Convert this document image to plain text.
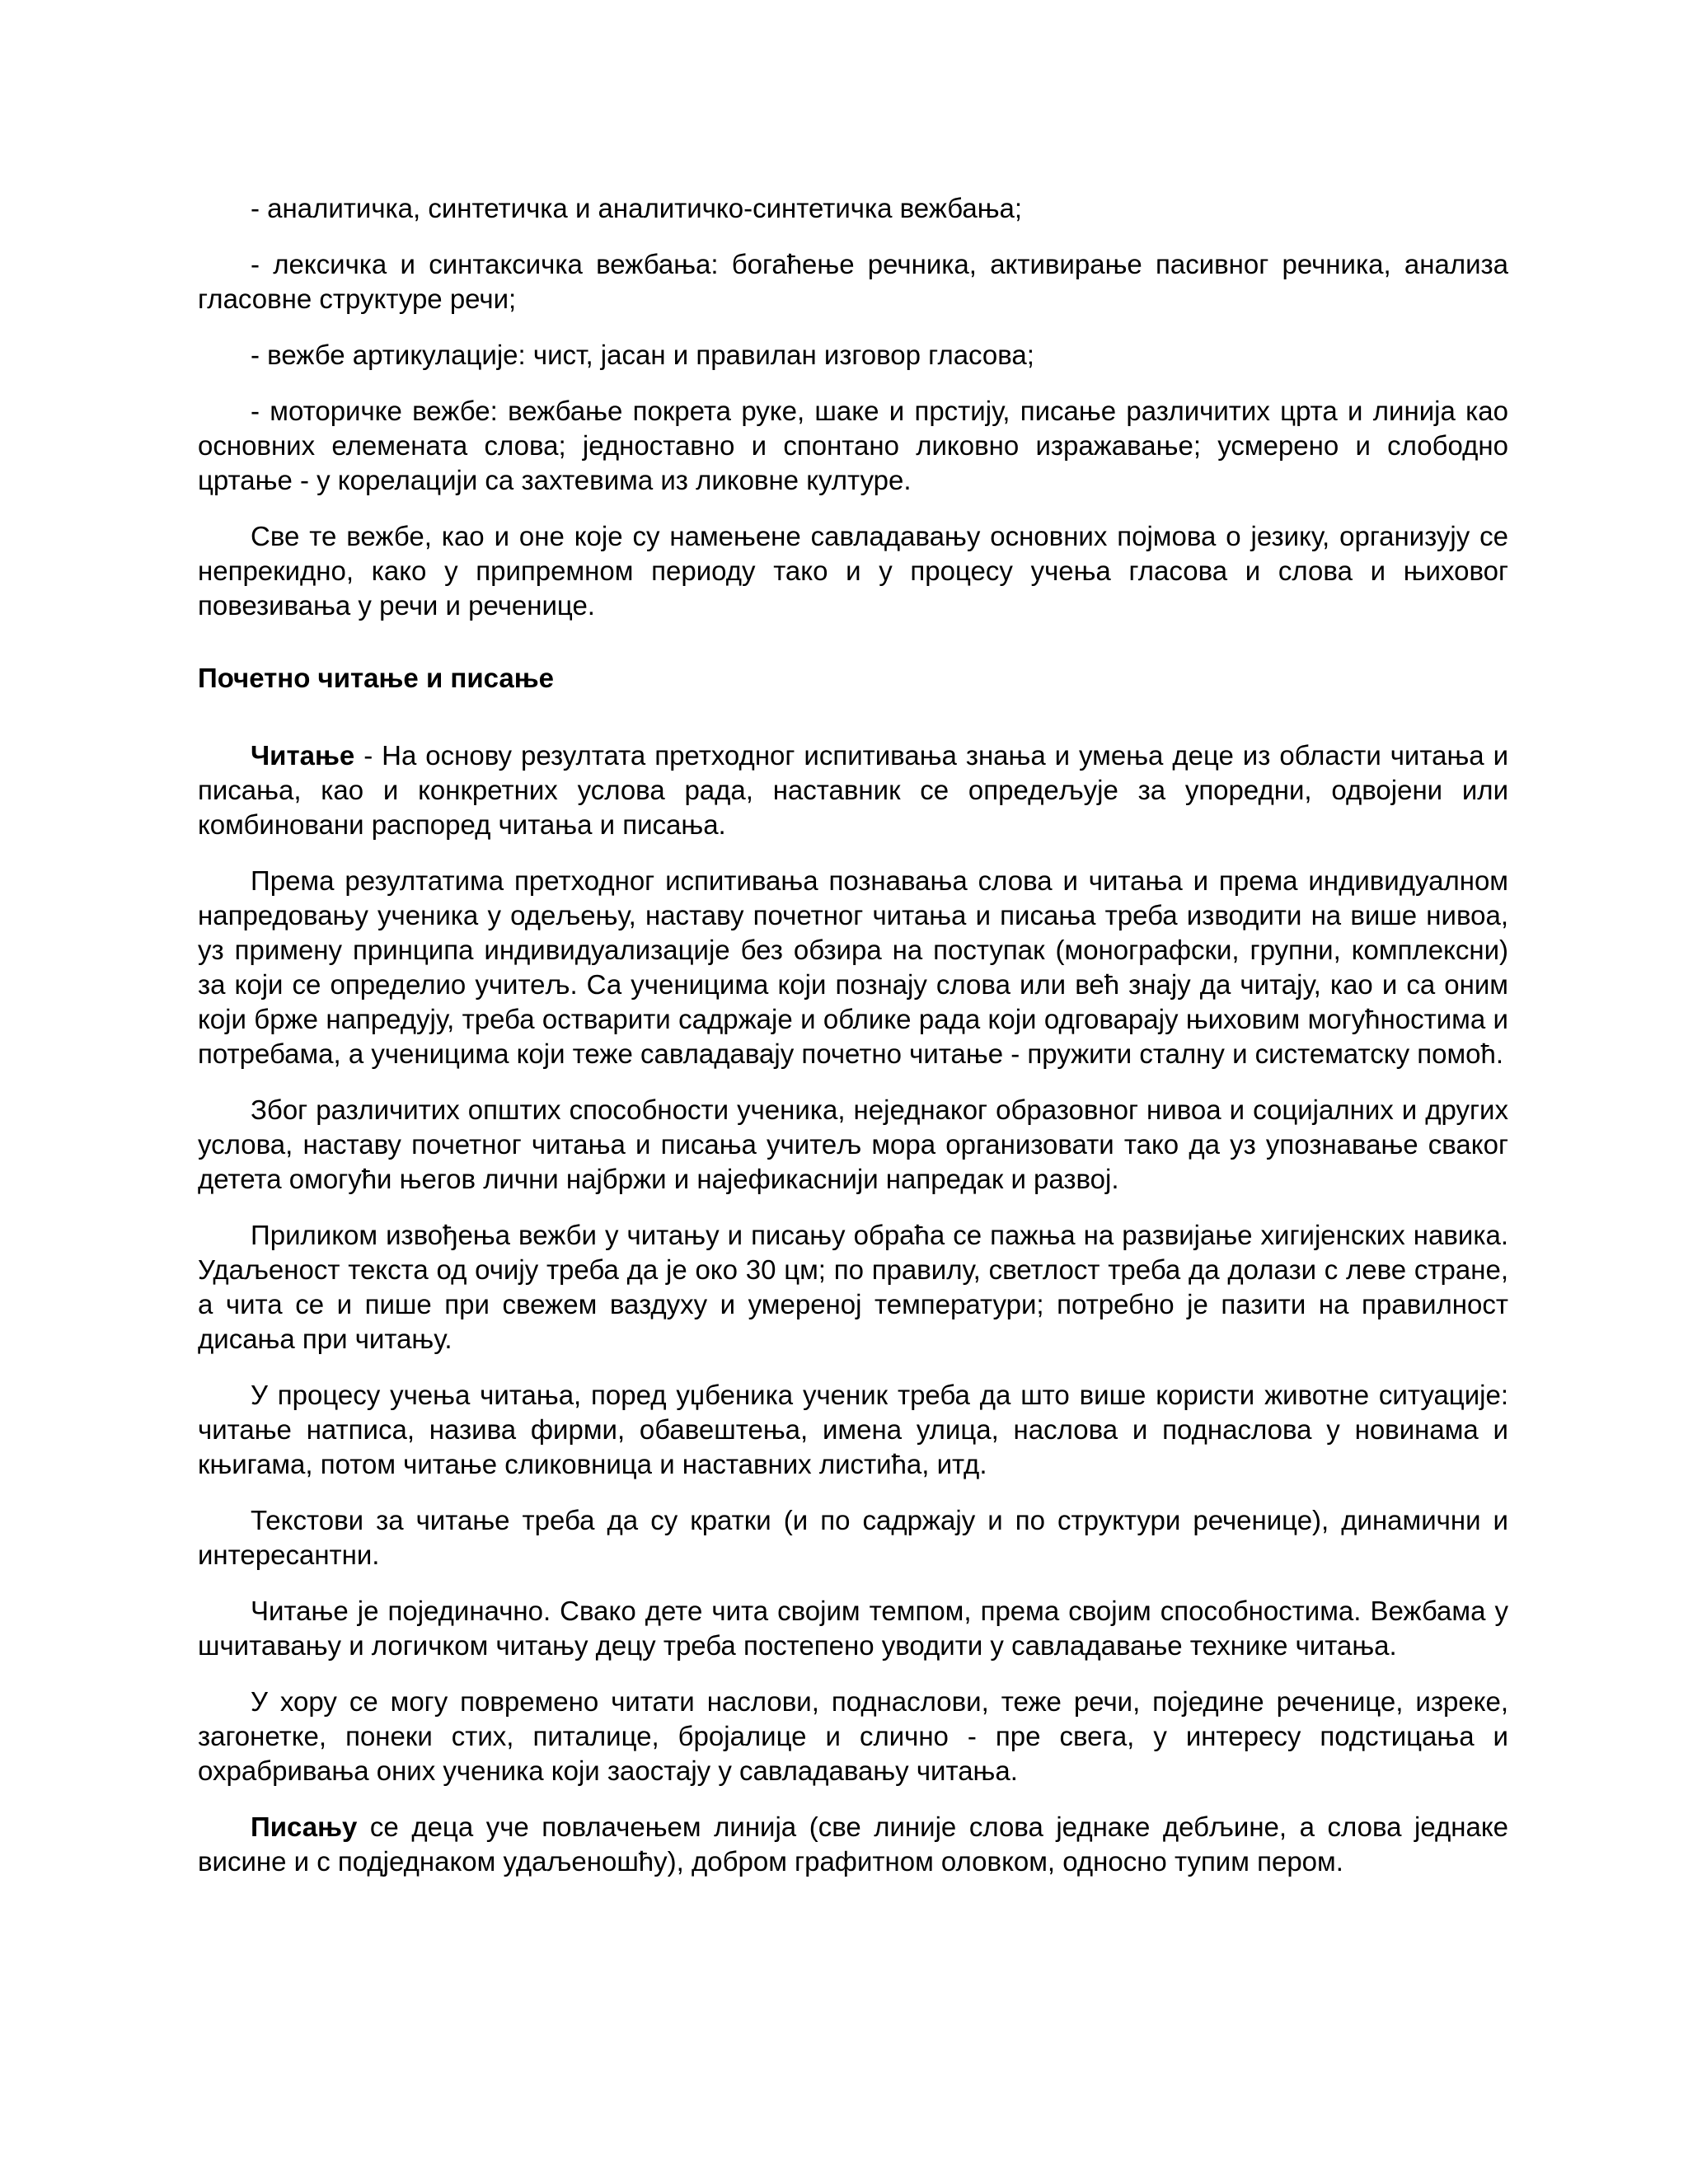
- аналитичка, синтетичка и аналитичко-синтетичка вежбања;

- лексичка и синтаксичка вежбања: богаћење речника, активирање пасивног речника, анализа гласовне структуре речи;

- вежбе артикулације: чист, јасан и правилан изговор гласова;

- моторичке вежбе: вежбање покрета руке, шаке и прстију, писање различитих црта и линија као основних елемената слова; једноставно и спонтано ликовно изражавање; усмерено и слободно цртање - у корелацији са захтевима из ликовне културе.

Све те вежбе, као и оне које су намењене савладавању основних појмова о језику, организују се непрекидно, како у припремном периоду тако и у процесу учења гласова и слова и њиховог повезивања у речи и реченице.

Почетно читање и писање

Читање - На основу резултата претходног испитивања знања и умења деце из области читања и писања, као и конкретних услова рада, наставник се опредељује за упоредни, одвојени или комбиновани распоред читања и писања.

Према резултатима претходног испитивања познавања слова и читања и према индивидуалном напредовању ученика у одељењу, наставу почетног читања и писања треба изводити на више нивоа, уз примену принципа индивидуализације без обзира на поступак (монографски, групни, комплексни) за који се определио учитељ. Са ученицима који познају слова или већ знају да читају, као и са оним који брже напредују, треба остварити садржаје и облике рада који одговарају њиховим могућностима и потребама, а ученицима који теже савладавају почетно читање - пружити сталну и систематску помоћ.

Због различитих општих способности ученика, неједнаког образовног нивоа и социјалних и других услова, наставу почетног читања и писања учитељ мора организовати тако да уз упознавање сваког детета омогући његов лични најбржи и најефикаснији напредак и развој.

Приликом извођења вежби у читању и писању обраћа се пажња на развијање хигијенских навика. Удаљеност текста од очију треба да је око 30 цм; по правилу, светлост треба да долази с леве стране, а чита се и пише при свежем ваздуху и умереној температури; потребно је пазити на правилност дисања при читању.

У процесу учења читања, поред уџбеника ученик треба да што више користи животне ситуације: читање натписа, назива фирми, обавештења, имена улица, наслова и поднаслова у новинама и књигама, потом читање сликовница и наставних листића, итд.

Текстови за читање треба да су кратки (и по садржају и по структури реченице), динамични и интересантни.

Читање је појединачно. Свако дете чита својим темпом, према својим способностима. Вежбама у шчитавању и логичком читању децу треба постепено уводити у савладавање технике читања.

У хору се могу повремено читати наслови, поднаслови, теже речи, поједине реченице, изреке, загонетке, понеки стих, питалице, бројалице и слично - пре свега, у интересу подстицања и охрабривања оних ученика који заостају у савладавању читања.

Писању се деца уче повлачењем линија (све линије слова једнаке дебљине, а слова једнаке висине и с подједнаком удаљеношћу), добром графитном оловком, односно тупим пером.
